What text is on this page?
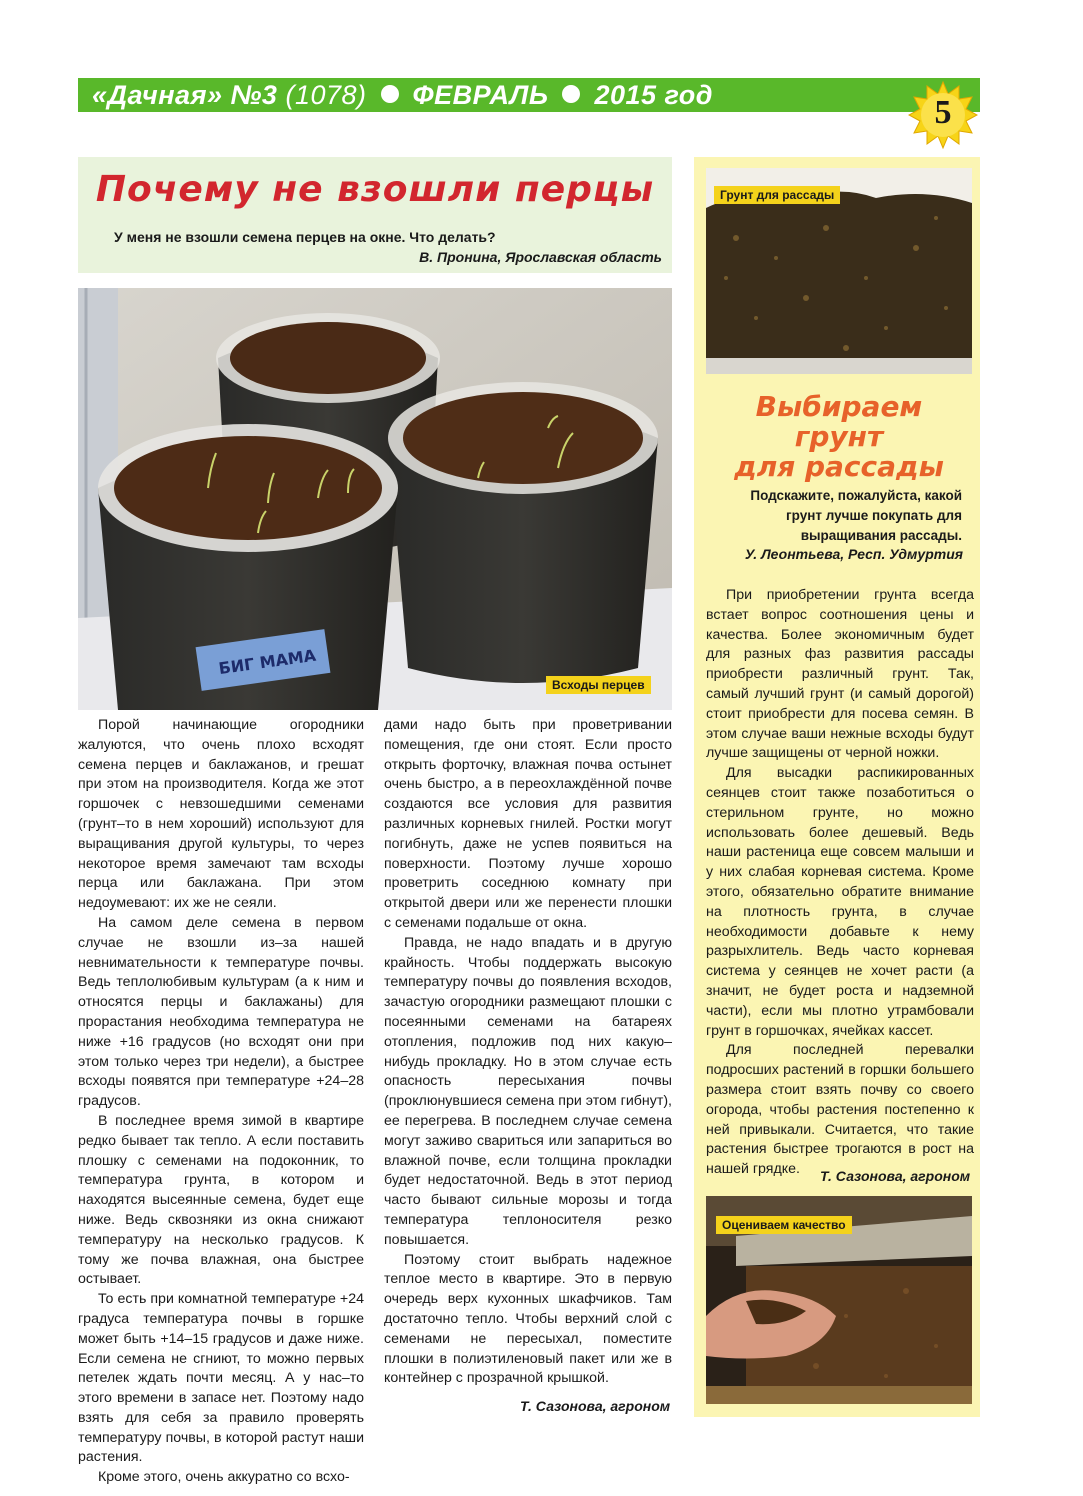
«Дачная» №3 (1078) ФЕВРАЛЬ 2015 год	5
Почему не взошли перцы
У меня не взошли семена перцев на окне. Что делать?
В. Пронина, Ярославская область
БИГ МАМА
Всходы перцев

Порой начинающие огородники жалуются, что очень плохо всходят семена перцев и баклажанов, и грешат при этом на производителя. Когда же этот горшочек с невзошедшими семенами (грунт–то в нем хороший) используют для выращивания другой культуры, то через некоторое время замечают там всходы перца или баклажана. При этом недоумевают: их же не сеяли.

На самом деле семена в первом случае не взошли из–за нашей невнимательности к температуре почвы. Ведь теплолюбивым культурам (а к ним и относятся перцы и баклажаны) для прорастания необходима температура не ниже +16 градусов (но всходят они при этом только через три недели), а быстрее всходы появятся при температуре +24–28 градусов.

В последнее время зимой в квартире редко бывает так тепло. А если поставить плошку с семенами на подоконник, то температура грунта, в котором и находятся высеянные семена, будет еще ниже. Ведь сквозняки из окна снижают температуру на несколько градусов. К тому же почва влажная, она быстрее остывает.

То есть при комнатной температуре +24 градуса температура почвы в горшке может быть +14–15 градусов и даже ниже. Если семена не сгниют, то можно первых петелек ждать почти месяц. А у нас–то этого времени в запасе нет. Поэтому надо взять для себя за правило проверять температуру почвы, в которой растут наши растения.

Кроме этого, очень аккуратно со всхо-

дами надо быть при проветривании помещения, где они стоят. Если просто открыть форточку, влажная почва остынет очень быстро, а в переохлаждённой почве создаются все условия для развития различных корневых гнилей. Ростки могут погибнуть, даже не успев появиться на поверхности. Поэтому лучше хорошо проветрить соседнюю комнату при открытой двери или же перенести плошки с семенами подальше от окна.

Правда, не надо впадать и в другую крайность. Чтобы поддержать высокую температуру почвы до появления всходов, зачастую огородники размещают плошки с посеянными семенами на батареях отопления, подложив под них какую–нибудь прокладку. Но в этом случае есть опасность пересыхания почвы (проклюнувшиеся семена при этом гибнут), ее перегрева. В последнем случае семена могут заживо свариться или запариться во влажной почве, если толщина прокладки будет недостаточной. Ведь в этот период часто бывают сильные морозы и тогда температура теплоносителя резко повышается.

Поэтому стоит выбрать надежное теплое место в квартире. Это в первую очередь верх кухонных шкафчиков. Там достаточно тепло. Чтобы верхний слой с семенами не пересыхал, поместите плошки в полиэтиленовый пакет или же в контейнер с прозрачной крышкой.

Т. Сазонова, агроном
Грунт для рассады
Выбираем
грунт
для рассады
Подскажите, пожалуйста, какой грунт лучше покупать для выращивания рассады.
У. Леонтьева, Респ. Удмуртия

При приобретении грунта всегда встает вопрос соотношения цены и качества. Более экономичным будет для разных фаз развития рассады приобрести различный грунт. Так, самый лучший грунт (и самый дорогой) стоит приобрести для посева семян. В этом случае ваши нежные всходы будут лучше защищены от черной ножки.

Для высадки распикированных сеянцев стоит также позаботиться о стерильном грунте, но можно использовать более дешевый. Ведь наши растеница еще совсем малыши и у них слабая корневая система. Кроме этого, обязательно обратите внимание на плотность грунта, в случае необходимости добавьте к нему разрыхлитель. Ведь часто корневая система у сеянцев не хочет расти (а значит, не будет роста и надземной части), если мы плотно утрамбовали грунт в горшочках, ячейках кассет.

Для последней перевалки подросших растений в горшки большего размера стоит взять почву со своего огорода, чтобы растения постепенно к ней привыкали. Считается, что такие растения быстрее трогаются в рост на нашей грядке.	Т. Сазонова, агроном
Оцениваем качество
